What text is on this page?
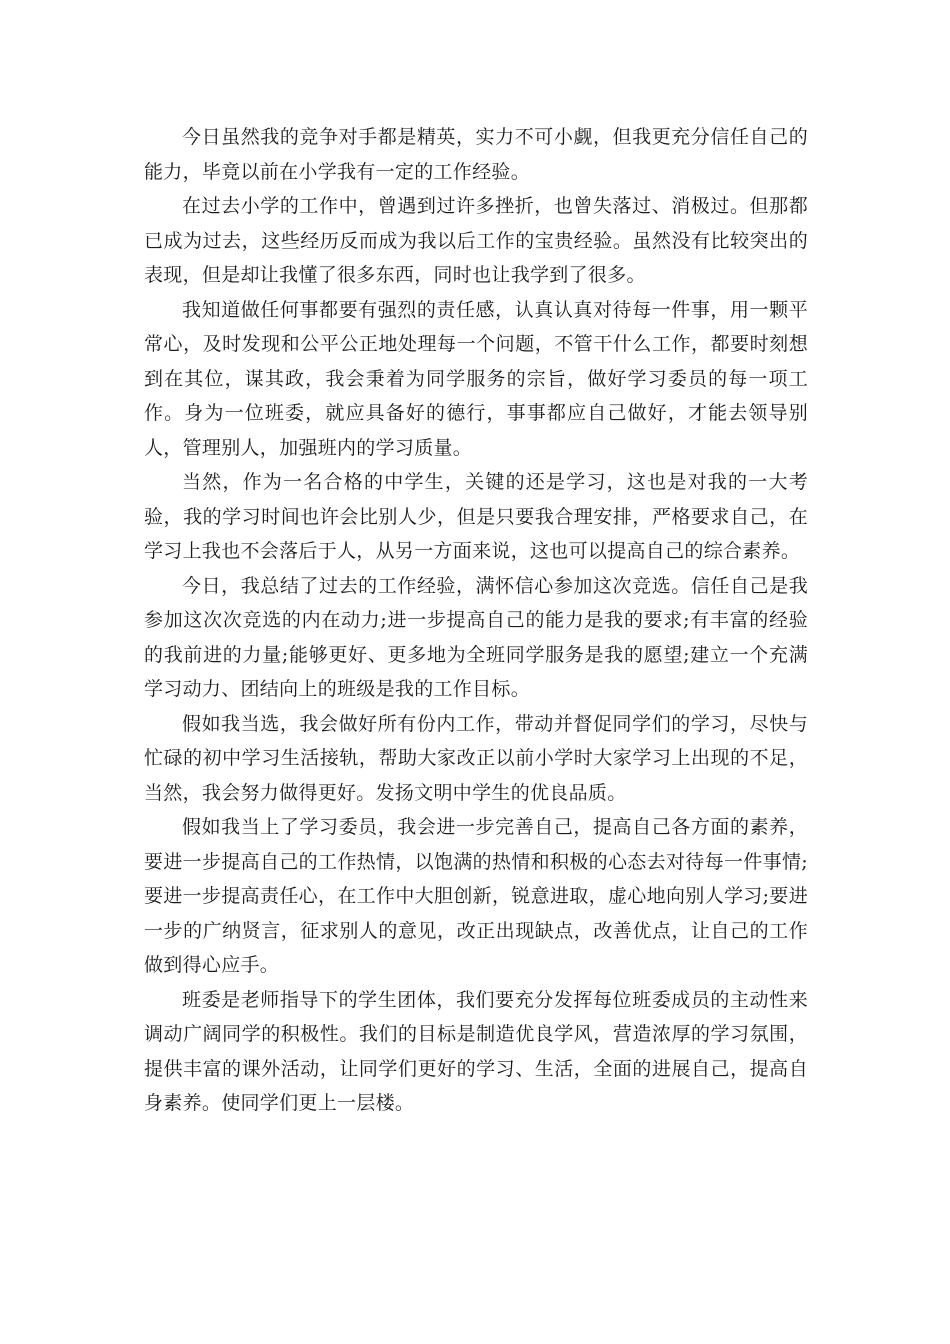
今日虽然我的竞争对手都是精英，实力不可小觑，但我更充分信任自己的能力，毕竟以前在小学我有一定的工作经验。

在过去小学的工作中，曾遇到过许多挫折，也曾失落过、消极过。但那都已成为过去，这些经历反而成为我以后工作的宝贵经验。虽然没有比较突出的表现，但是却让我懂了很多东西，同时也让我学到了很多。

我知道做任何事都要有强烈的责任感，认真认真对待每一件事，用一颗平常心，及时发现和公平公正地处理每一个问题，不管干什么工作，都要时刻想到在其位，谋其政，我会秉着为同学服务的宗旨，做好学习委员的每一项工作。身为一位班委，就应具备好的德行，事事都应自己做好，才能去领导别人，管理别人，加强班内的学习质量。

当然，作为一名合格的中学生，关键的还是学习，这也是对我的一大考验，我的学习时间也许会比别人少，但是只要我合理安排，严格要求自己，在学习上我也不会落后于人，从另一方面来说，这也可以提高自己的综合素养。

今日，我总结了过去的工作经验，满怀信心参加这次竞选。信任自己是我参加这次次竞选的内在动力;进一步提高自己的能力是我的要求;有丰富的经验的我前进的力量;能够更好、更多地为全班同学服务是我的愿望;建立一个充满学习动力、团结向上的班级是我的工作目标。

假如我当选，我会做好所有份内工作，带动并督促同学们的学习，尽快与忙碌的初中学习生活接轨，帮助大家改正以前小学时大家学习上出现的不足，当然，我会努力做得更好。发扬文明中学生的优良品质。

假如我当上了学习委员，我会进一步完善自己，提高自己各方面的素养，要进一步提高自己的工作热情，以饱满的热情和积极的心态去对待每一件事情;要进一步提高责任心，在工作中大胆创新，锐意进取，虚心地向别人学习;要进一步的广纳贤言，征求别人的意见，改正出现缺点，改善优点，让自己的工作做到得心应手。

班委是老师指导下的学生团体，我们要充分发挥每位班委成员的主动性来调动广阔同学的积极性。我们的目标是制造优良学风，营造浓厚的学习氛围，提供丰富的课外活动，让同学们更好的学习、生活，全面的进展自己，提高自身素养。使同学们更上一层楼。
